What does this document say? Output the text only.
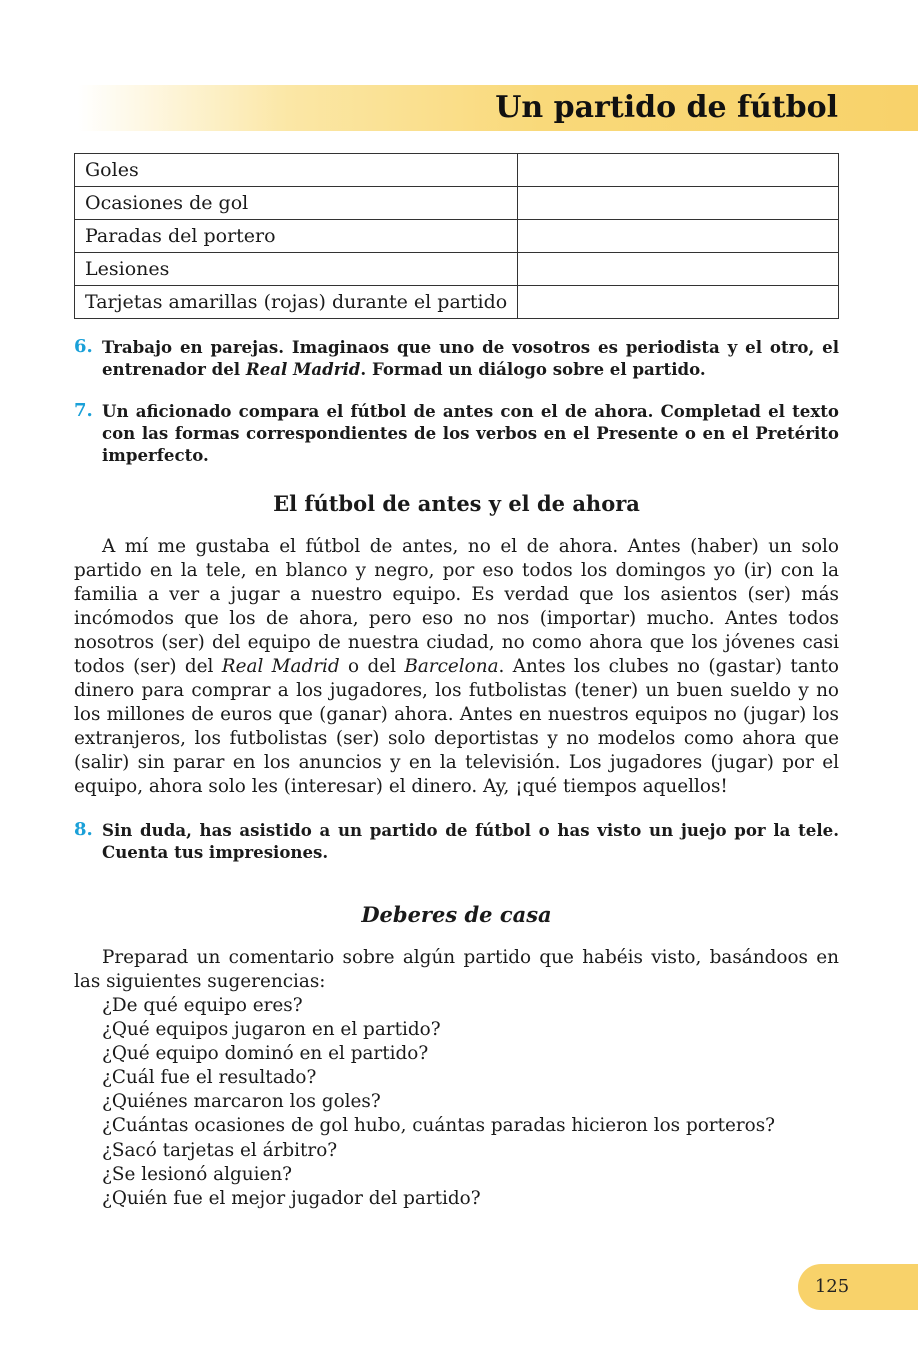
Un partido de fútbol
Goles	
Ocasiones de gol	
Paradas del portero	
Lesiones	
Tarjetas amarillas (rojas) durante el partido	
6. Trabajo en parejas. Imaginaos que uno de vosotros es periodista y el otro, el entrenador del Real Madrid. Formad un diálogo sobre el partido.
7. Un aficionado compara el fútbol de antes con el de ahora. Completad el texto con las formas correspondientes de los verbos en el Presente o en el Pretérito imperfecto.
El fútbol de antes y el de ahora

A mí me gustaba el fútbol de antes, no el de ahora. Antes (haber) un solo partido en la tele, en blanco y negro, por eso todos los domingos yo (ir) con la familia a ver a jugar a nuestro equipo. Es verdad que los asientos (ser) más incómodos que los de ahora, pero eso no nos (importar) mucho. Antes todos nosotros (ser) del equipo de nuestra ciudad, no como ahora que los jóvenes casi todos (ser) del Real Madrid o del Barcelona. Antes los clubes no (gastar) tanto dinero para comprar a los jugadores, los futbolistas (tener) un buen sueldo y no los millones de euros que (ganar) ahora. Antes en nuestros equipos no (jugar) los extranjeros, los futbolistas (ser) solo deportistas y no modelos como ahora que (salir) sin parar en los anuncios y en la televisión. Los jugadores (jugar) por el equipo, ahora solo les (interesar) el dinero. Ay, ¡qué tiempos aquellos!

8. Sin duda, has asistido a un partido de fútbol o has visto un juejo por la tele. Cuenta tus impresiones.
Deberes de casa

Preparad un comentario sobre algún partido que habéis visto, basándoos en las siguientes sugerencias:

¿De qué equipo eres?
¿Qué equipos jugaron en el partido?
¿Qué equipo dominó en el partido?
¿Cuál fue el resultado?
¿Quiénes marcaron los goles?
¿Cuántas ocasiones de gol hubo, cuántas paradas hicieron los porteros?
¿Sacó tarjetas el árbitro?
¿Se lesionó alguien?
¿Quién fue el mejor jugador del partido?
125
